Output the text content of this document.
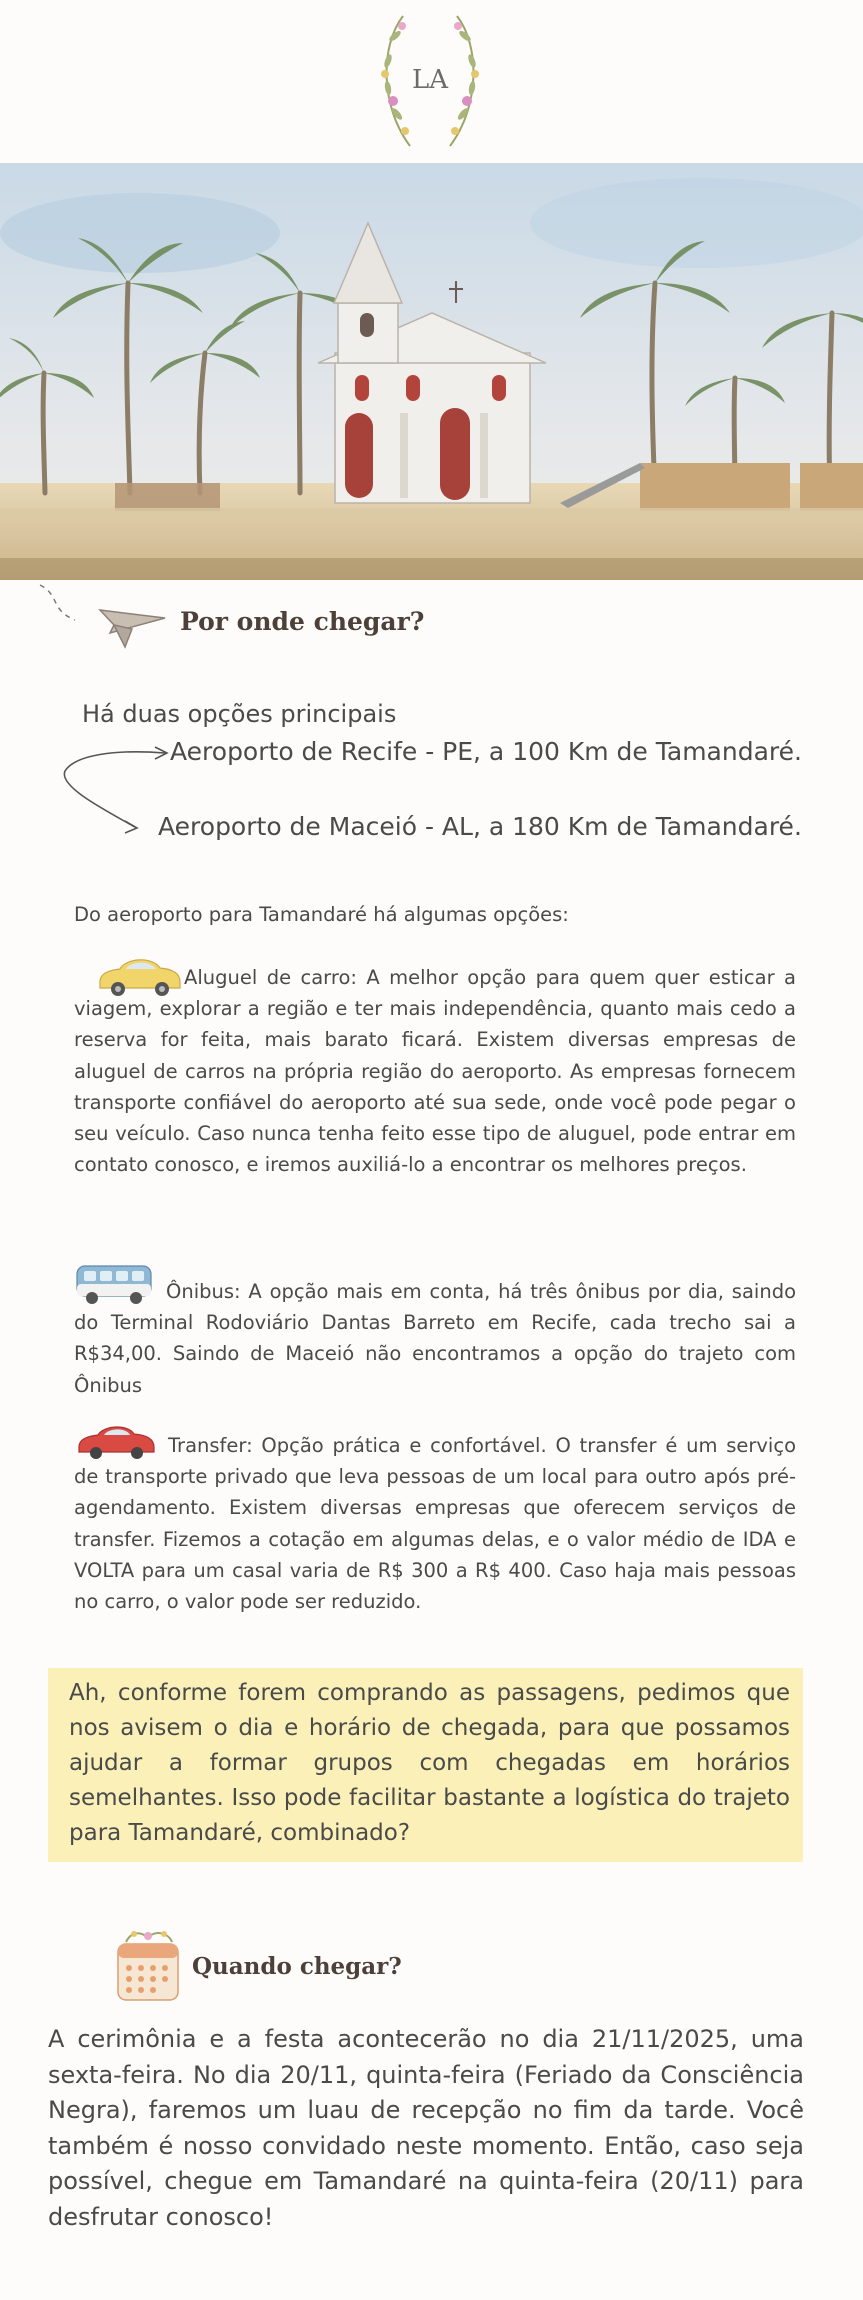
LA
Por onde chegar?
Há duas opções principais
Aeroporto de Recife - PE, a 100 Km de Tamandaré.
Aeroporto de Maceió - AL, a 180 Km de Tamandaré.
Do aeroporto para Tamandaré há algumas opções:
Aluguel de carro: A melhor opção para quem quer esticar a viagem, explorar a região e ter mais independência, quanto mais cedo a reserva for feita, mais barato ficará. Existem diversas empresas de aluguel de carros na própria região do aeroporto. As empresas fornecem transporte confiável do aeroporto até sua sede, onde você pode pegar o seu veículo. Caso nunca tenha feito esse tipo de aluguel, pode entrar em contato conosco, e iremos auxiliá-lo a encontrar os melhores preços.
Ônibus: A opção mais em conta, há três ônibus por dia, saindo do Terminal Rodoviário Dantas Barreto em Recife, cada trecho sai a R$34,00. Saindo de Maceió não encontramos a opção do trajeto com Ônibus
Transfer: Opção prática e confortável. O transfer é um serviço de transporte privado que leva pessoas de um local para outro após pré-agendamento. Existem diversas empresas que oferecem serviços de transfer. Fizemos a cotação em algumas delas, e o valor médio de IDA e VOLTA para um casal varia de R$ 300 a R$ 400. Caso haja mais pessoas no carro, o valor pode ser reduzido.
Ah, conforme forem comprando as passagens, pedimos que nos avisem o dia e horário de chegada, para que possamos ajudar a formar grupos com chegadas em horários semelhantes. Isso pode facilitar bastante a logística do trajeto para Tamandaré, combinado?
Quando chegar?
A cerimônia e a festa acontecerão no dia 21/11/2025, uma sexta-feira. No dia 20/11, quinta-feira (Feriado da Consciência Negra), faremos um luau de recepção no fim da tarde. Você também é nosso convidado neste momento. Então, caso seja possível, chegue em Tamandaré na quinta-feira (20/11) para desfrutar conosco!
